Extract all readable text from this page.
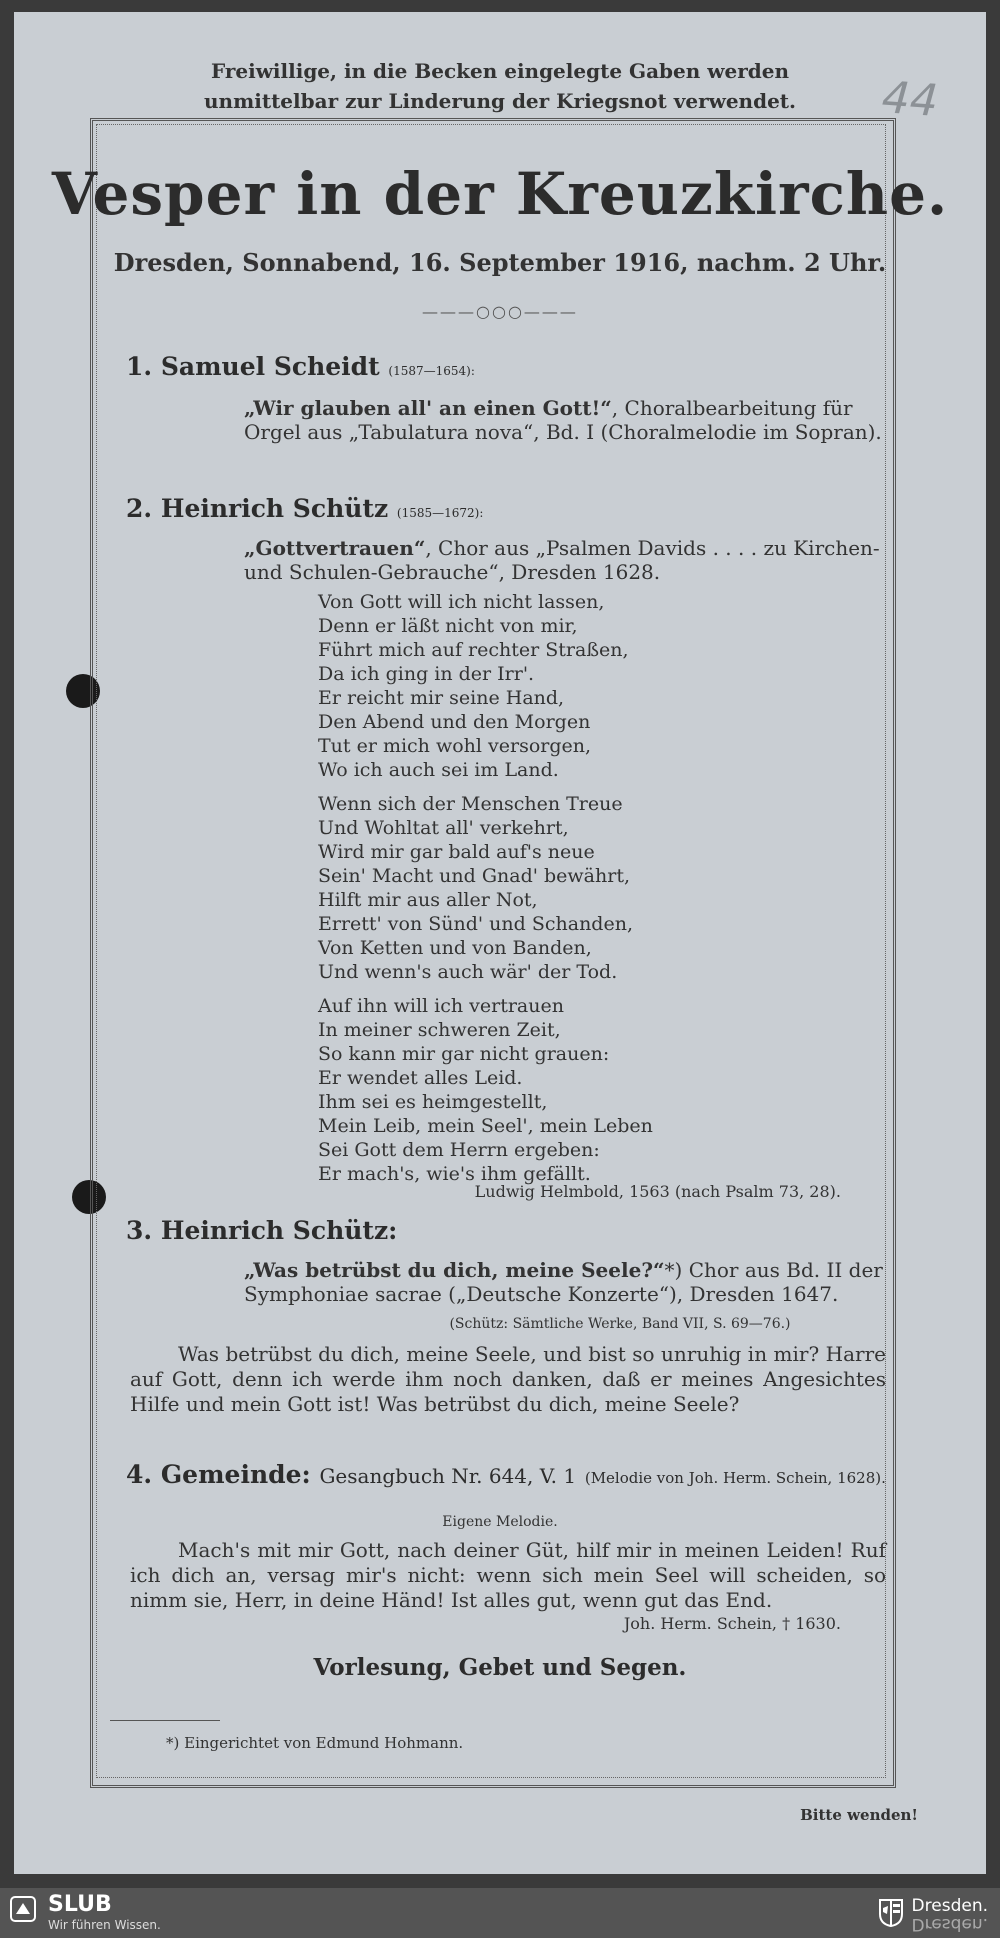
Freiwillige, in die Becken eingelegte Gaben werden
unmittelbar zur Linderung der Kriegsnot verwendet.	44
Vesper in der Kreuzkirche.
Dresden, Sonnabend, 16. September 1916, nachm. 2 Uhr.
———○○○———
1. Samuel Scheidt (1587—1654):
„Wir glauben all' an einen Gott!“, Choralbearbeitung für Orgel aus „Tabulatura nova“, Bd. I (Choralmelodie im Sopran).
2. Heinrich Schütz (1585—1672):
„Gottvertrauen“, Chor aus „Psalmen Davids . . . . zu Kirchen- und Schulen-Gebrauche“, Dresden 1628.
Von Gott will ich nicht lassen,
Denn er läßt nicht von mir,
Führt mich auf rechter Straßen,
Da ich ging in der Irr'.
Er reicht mir seine Hand,
Den Abend und den Morgen
Tut er mich wohl versorgen,
Wo ich auch sei im Land.
Wenn sich der Menschen Treue
Und Wohltat all' verkehrt,
Wird mir gar bald auf's neue
Sein' Macht und Gnad' bewährt,
Hilft mir aus aller Not,
Errett' von Sünd' und Schanden,
Von Ketten und von Banden,
Und wenn's auch wär' der Tod.
Auf ihn will ich vertrauen
In meiner schweren Zeit,
So kann mir gar nicht grauen:
Er wendet alles Leid.
Ihm sei es heimgestellt,
Mein Leib, mein Seel', mein Leben
Sei Gott dem Herrn ergeben:
Er mach's, wie's ihm gefällt.
Ludwig Helmbold, 1563 (nach Psalm 73, 28).
3. Heinrich Schütz:
„Was betrübst du dich, meine Seele?“*) Chor aus Bd. II der Symphoniae sacrae („Deutsche Konzerte“), Dresden 1647.
(Schütz: Sämtliche Werke, Band VII, S. 69—76.)
Was betrübst du dich, meine Seele, und bist so unruhig in mir? Harre auf Gott, denn ich werde ihm noch danken, daß er meines Angesichtes Hilfe und mein Gott ist! Was betrübst du dich, meine Seele?
4. Gemeinde: Gesangbuch Nr. 644, V. 1 (Melodie von Joh. Herm. Schein, 1628).
Eigene Melodie.
Mach's mit mir Gott, nach deiner Güt, hilf mir in meinen Leiden! Ruf ich dich an, versag mir's nicht: wenn sich mein Seel will scheiden, so nimm sie, Herr, in deine Händ! Ist alles gut, wenn gut das End.
Joh. Herm. Schein, † 1630.
Vorlesung, Gebet und Segen.
*) Eingerichtet von Edmund Hohmann.
Bitte wenden!
SLUB
Wir führen Wissen.
Dresden.
Dresden.
